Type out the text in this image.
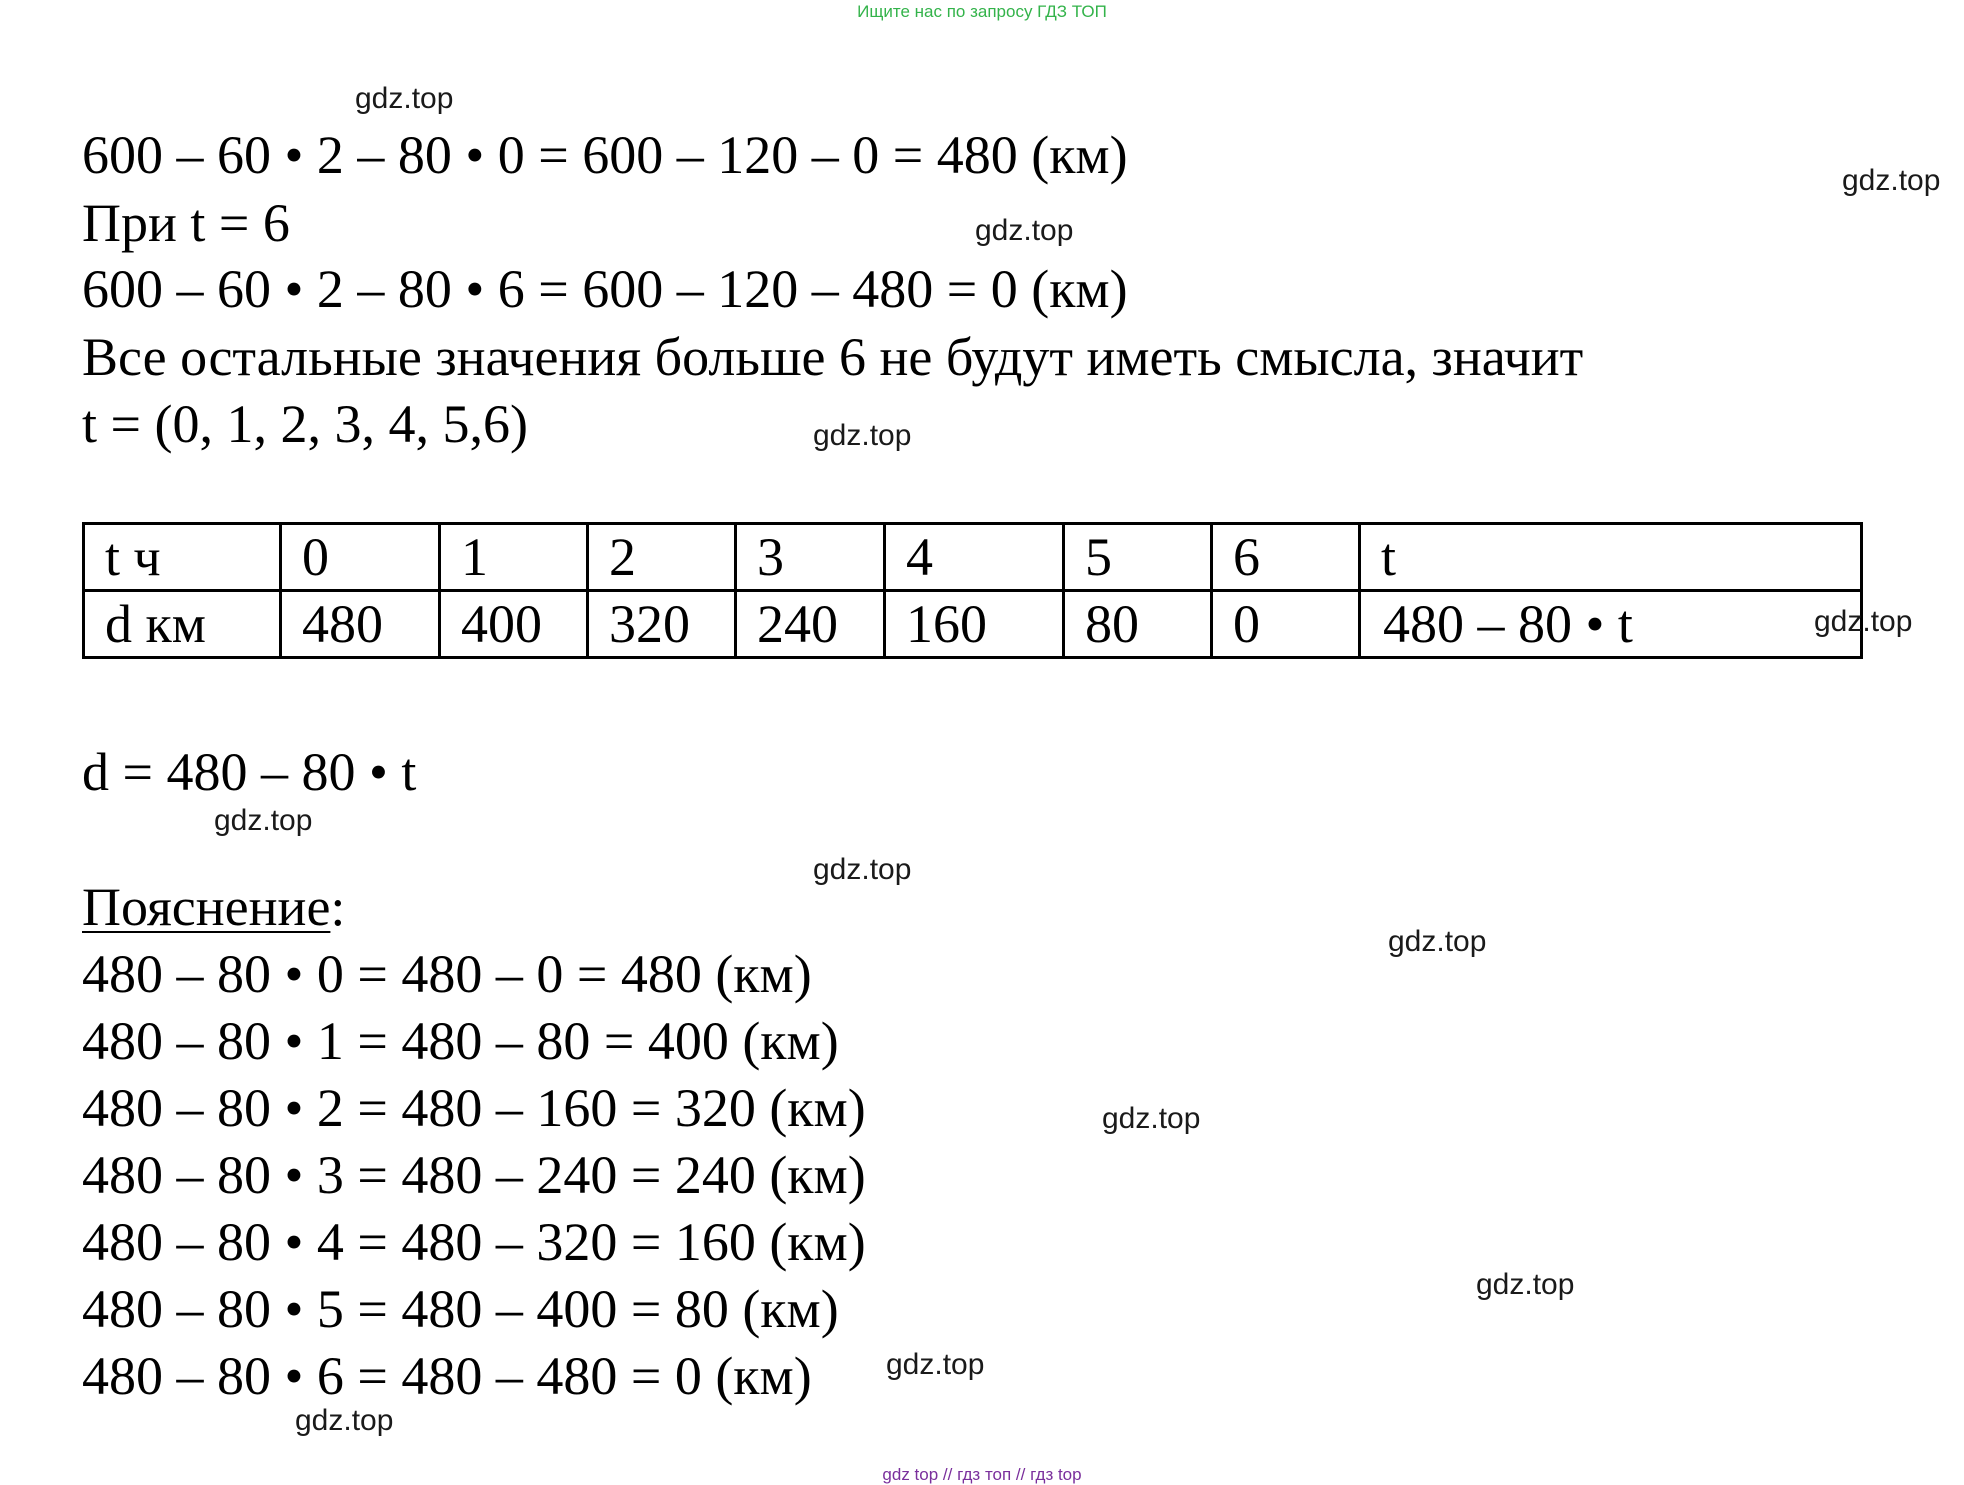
Ищите нас по запросу ГДЗ ТОП
600 – 60 • 2 – 80 • 0 = 600 – 120 – 0 = 480 (км)
При t = 6
600 – 60 • 2 – 80 • 6 = 600 – 120 – 480 = 0 (км)
Все остальные значения больше 6 не будут иметь смысла, значит
t = (0, 1, 2, 3, 4, 5,6)
t ч	0	1	2	3	4	5	6	t
d км	480	400	320	240	160	80	0	480 – 80 • t
d = 480 – 80 • t
Пояснение:
480 – 80 • 0 = 480 – 0 = 480 (км)
480 – 80 • 1 = 480 – 80 = 400 (км)
480 – 80 • 2 = 480 – 160 = 320 (км)
480 – 80 • 3 = 480 – 240 = 240 (км)
480 – 80 • 4 = 480 – 320 = 160 (км)
480 – 80 • 5 = 480 – 400 = 80 (км)
480 – 80 • 6 = 480 – 480 = 0 (км)
gdz.top
gdz.top
gdz.top
gdz.top
gdz.top
gdz.top
gdz.top
gdz.top
gdz.top
gdz.top
gdz.top
gdz.top
gdz top // гдз топ // гдз top
